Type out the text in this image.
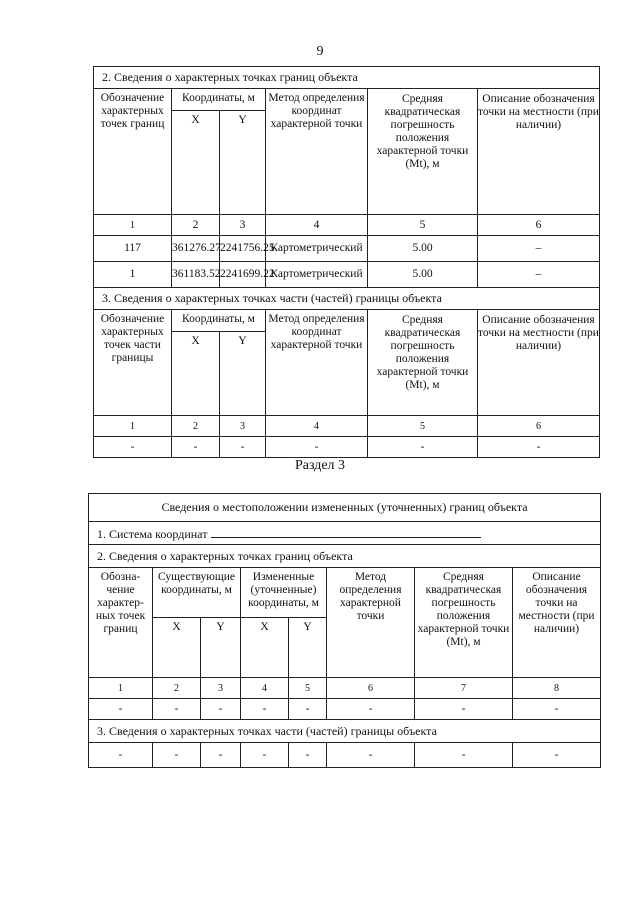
9
2. Сведения о характерных точках границ объекта					
Обозначение характерных точек границ	Координаты, м		Метод определения координат характерной точки	Средняя квадратическая погрешность положения характерной точки (Mt), м	Описание обозначения точки на местности (при наличии)
	X	Y			
1	2	3	4	5	6
117	361276.27	2241756.25	Картометрический	5.00	–
1	361183.52	2241699.22	Картометрический	5.00	–
3. Сведения о характерных точках части (частей) границы объекта					
Обозначение характерных точек части границы	Координаты, м		Метод определения координат характерной точки	Средняя квадратическая погрешность положения характерной точки (Mt), м	Описание обозначения точки на местности (при наличии)
	X	Y			
1	2	3	4	5	6
-	-	-	-	-	-
Раздел 3
Сведения о местоположении измененных (уточненных) границ объекта							
1. Система координат							
2. Сведения о характерных точках границ объекта							
Обозна-чение характер-ных точек границ	Существующие координаты, м		Измененные (уточненные) координаты, м		Метод определения характерной точки	Средняя квадратическая погрешность положения характерной точки (Mt), м	Описание обозначения точки на местности (при наличии)
	X	Y	X	Y			
1	2	3	4	5	6	7	8
-	-	-	-	-	-	-	-
3. Сведения о характерных точках части (частей) границы объекта							
-	-	-	-	-	-	-	-
